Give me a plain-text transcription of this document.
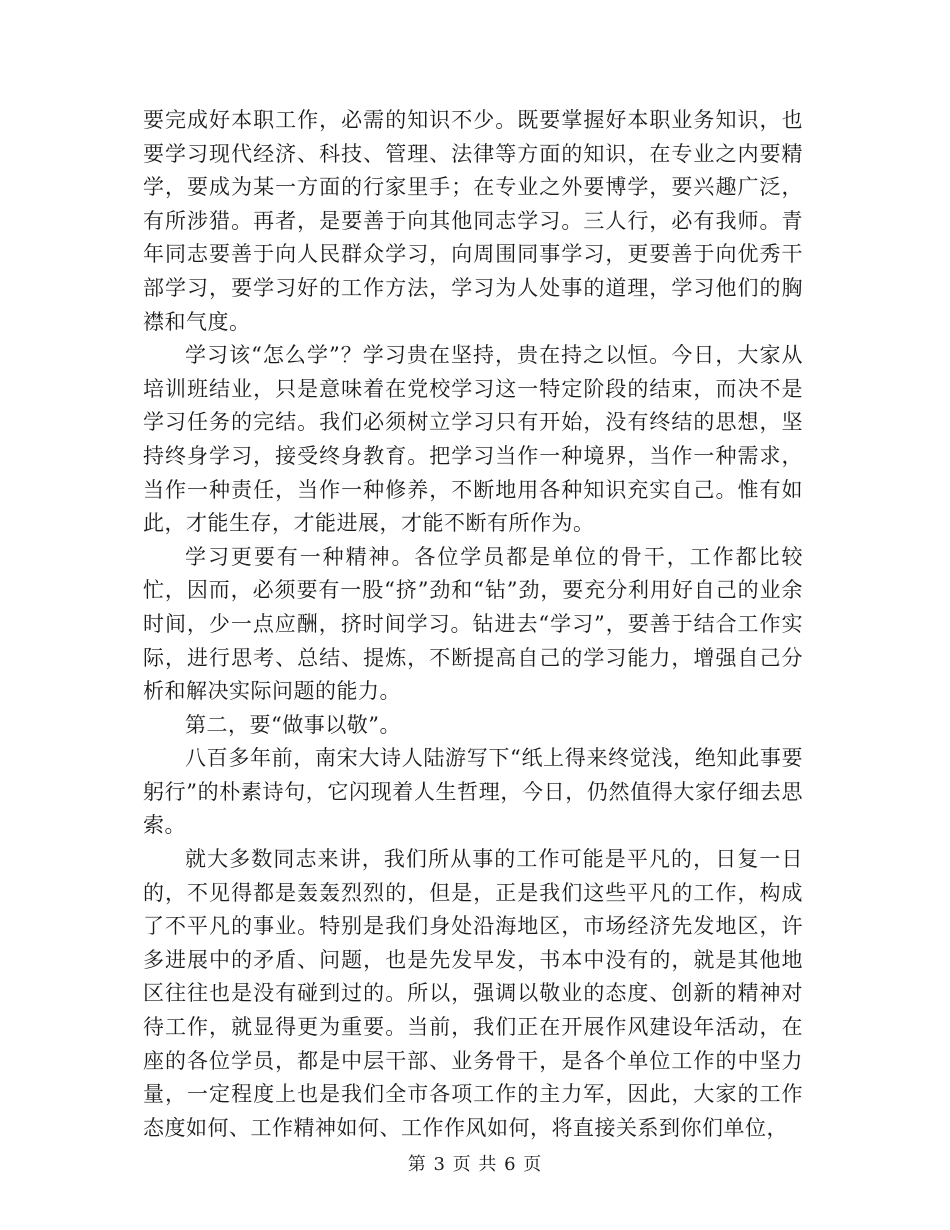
要完成好本职工作，必需的知识不少。既要掌握好本职业务知识，也要学习现代经济、科技、管理、法律等方面的知识，在专业之内要精学，要成为某一方面的行家里手；在专业之外要博学，要兴趣广泛，有所涉猎。再者，是要善于向其他同志学习。三人行，必有我师。青年同志要善于向人民群众学习，向周围同事学习，更要善于向优秀干部学习，要学习好的工作方法，学习为人处事的道理，学习他们的胸襟和气度。

学习该“怎么学”？学习贵在坚持，贵在持之以恒。今日，大家从培训班结业，只是意味着在党校学习这一特定阶段的结束，而决不是学习任务的完结。我们必须树立学习只有开始，没有终结的思想，坚持终身学习，接受终身教育。把学习当作一种境界，当作一种需求，当作一种责任，当作一种修养，不断地用各种知识充实自己。惟有如此，才能生存，才能进展，才能不断有所作为。

学习更要有一种精神。各位学员都是单位的骨干，工作都比较忙，因而，必须要有一股“挤”劲和“钻”劲，要充分利用好自己的业余时间，少一点应酬，挤时间学习。钻进去“学习”，要善于结合工作实际，进行思考、总结、提炼，不断提高自己的学习能力，增强自己分析和解决实际问题的能力。

第二，要“做事以敬”。

八百多年前，南宋大诗人陆游写下“纸上得来终觉浅，绝知此事要躬行”的朴素诗句，它闪现着人生哲理，今日，仍然值得大家仔细去思索。

就大多数同志来讲，我们所从事的工作可能是平凡的，日复一日的，不见得都是轰轰烈烈的，但是，正是我们这些平凡的工作，构成了不平凡的事业。特别是我们身处沿海地区，市场经济先发地区，许多进展中的矛盾、问题，也是先发早发，书本中没有的，就是其他地区往往也是没有碰到过的。所以，强调以敬业的态度、创新的精神对待工作，就显得更为重要。当前，我们正在开展作风建设年活动，在座的各位学员，都是中层干部、业务骨干，是各个单位工作的中坚力量，一定程度上也是我们全市各项工作的主力军，因此，大家的工作态度如何、工作精神如何、工作作风如何，将直接关系到你们单位，

第 3 页 共 6 页
